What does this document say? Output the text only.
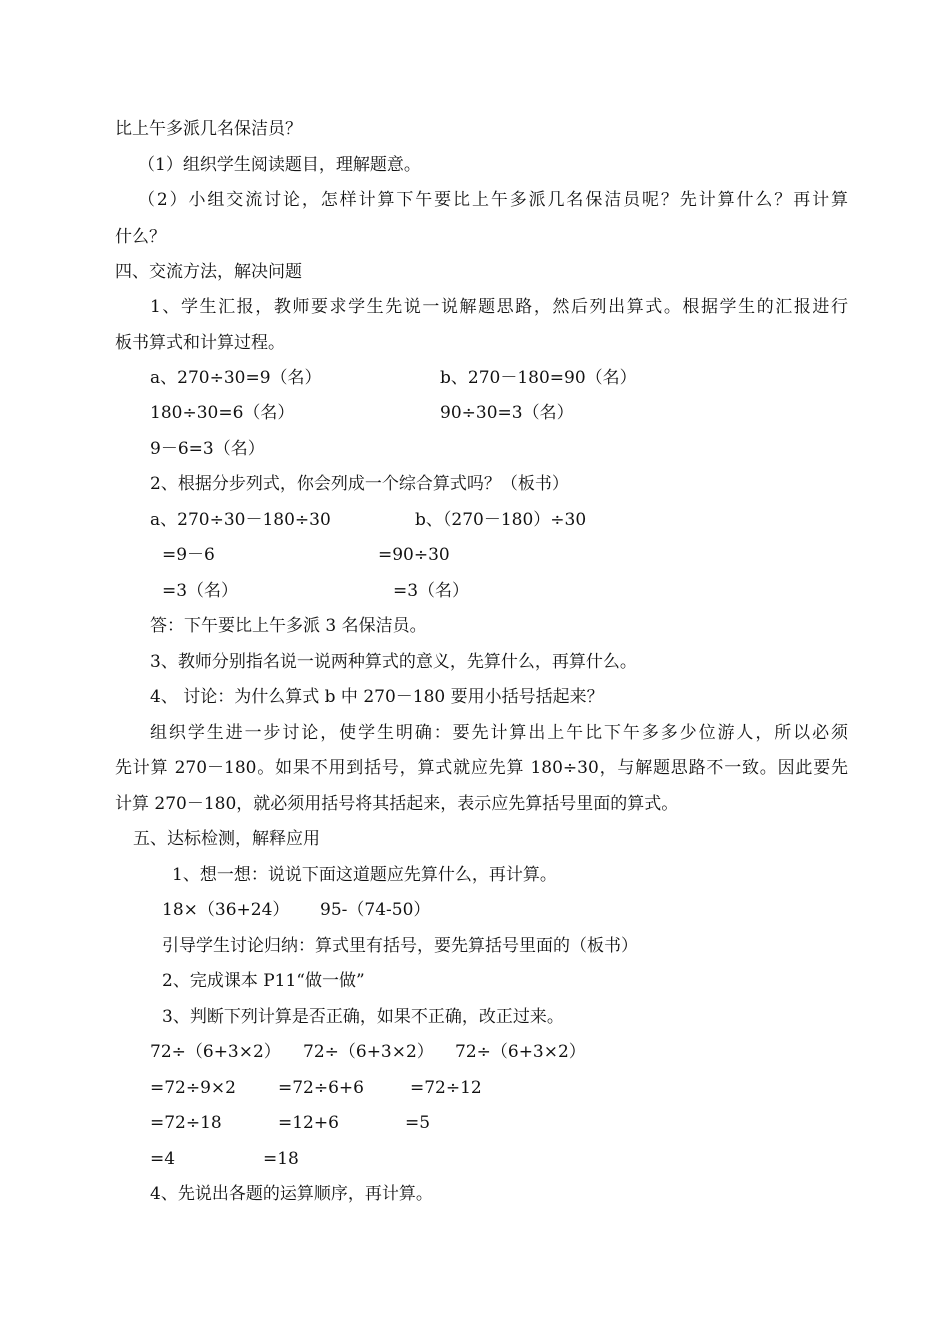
比上午多派几名保洁员？
（1）组织学生阅读题目，理解题意。
（2）小组交流讨论，怎样计算下午要比上午多派几名保洁员呢？先计算什么？再计算
什么？
四、交流方法，解决问题
1、学生汇报，教师要求学生先说一说解题思路，然后列出算式。根据学生的汇报进行
板书算式和计算过程。
a、270÷30=9（名）	b、270－180=90（名）
180÷30=6（名）	90÷30=3（名）
9－6=3（名）
2、根据分步列式，你会列成一个综合算式吗？（板书）
a、270÷30－180÷30	b、（270－180）÷30
=9－6	=90÷30
=3（名）	=3（名）
答：下午要比上午多派 3 名保洁员。
3、教师分别指名说一说两种算式的意义，先算什么，再算什么。
4、 讨论：为什么算式 b 中 270－180 要用小括号括起来？
组织学生进一步讨论，使学生明确：要先计算出上午比下午多多少位游人，所以必须
先计算 270－180。如果不用到括号，算式就应先算 180÷30，与解题思路不一致。因此要先
计算 270－180，就必须用括号将其括起来，表示应先算括号里面的算式。
五、达标检测，解释应用
1、想一想：说说下面这道题应先算什么，再计算。
18×（36+24） 95-（74-50）
引导学生讨论归纳：算式里有括号，要先算括号里面的（板书）
2、完成课本 P11“做一做”
3、判断下列计算是否正确，如果不正确，改正过来。
72÷（6+3×2） 72÷（6+3×2） 72÷（6+3×2）
=72÷9×2 =72÷6+6	=72÷12
=72÷18	=12+6	=5
=4	=18
4、先说出各题的运算顺序，再计算。
